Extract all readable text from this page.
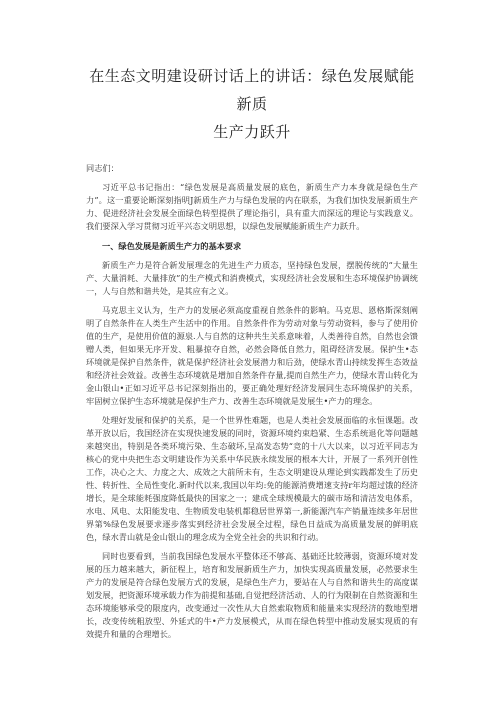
在生态文明建设研讨话上的讲话：绿色发展赋能新质
生产力跃升

同志们：

习近平总书记指出：“绿色发展是高质量发展的底色，新质生产力本身就是绿色生产力”。这一重要论断深刻指明J新质生产力与绿色发展的内在联系，为我们加快发展新质生产力、促进经济社会发展全面绿色转型提供了理论指引，具有重大而深远的理论与实践意义。我们要深入学习贯彻习近平兴态文明思想，以绿色发展赋能新质生产力跃升。

一、绿色发展是新质生产力的基本要求

新质生产力是符合新发展理念的先进生产力质态，坚持绿色发展，摆脱传统的“大量生产、大量消耗、大量排放”的生产模式和消费模式，实现经济社会发展和生态环境保护协调统一，人与自然和谐共处，是其应有之义。

马克思主义认为，生产力的发展必须高度重视自然条件的影响。马克思、恩格斯深刻阐明了自然条件在人类生产生活中的作用。自然条件作为劳动对象与劳动资料，参与了使用价值的生产，是使用价值的源泉.人与自然的这种共生关系意味着，人类善待自然，自然也会馈赠人类，但如果无序开发、粗暴掠夺自然，必然会降低自然力，阻碍经济发展。保护生•态环境就是保护自然条件，就是保护经济社会发展潜力和后劲，使绿水青山持续发挥生态效益和经济社会效益。改善生态环境就是增加自然条件存量,提而自然生产力，使绿水青山转化为金山银山•正如习近平总书记深刻指出的，要正确处理好经济发展同生态环境保护的关系，牢固树立保护生态环境就是保护生产力、改善生态环境就是发展生•产力的理念。

处理好发展和保护的关系，是一个世界性难题，也是人类社会发展面临的永恒课题。改革开放以后，我国经济在实现快速发展的同时，资源环境约束趋紧、生态系统退化等问题越来越突出，特别是各类环境污染、生态破坏,呈高发态势“竞的十八大以来，以习近平同志为核心的党中央把生态文明建设作为关系中华民族永续发展的根本大计，开展了一系列开创性工作，决心之大、力度之大、成效之大前所未有，生态文明建设从理论到实践都发生了历史性、转折性、全局性变化.新时代以来,我国以年均:免的能源消费增速支持r年均超过饿的经济增长，是全球能耗强度降低最快的国家之一；建成全球规模最大的碳市场和清洁发电体系，水电、风电、太阳能发电、生物质发电装机都稳居世界第一,新能源汽车产销量连续多年居世界第%绿色发展要求逐步落实到经济社会发展全过程，绿色日益成为高质量发展的鲜明底色，绿水青山就是金山银山的理念成为全党全社会的共识和行动。

同时也要看到，当前我国绿色发展水平整体还不够高、基础还比较薄弱，资源环境对发展的压力越来越大，新征程上，培育和发展新质生产力，加快实现高质量发展，必然要求生产力的发展是符合绿色发展方式的发展，是绿色生产力，要站在人与自然和谐共生的高度谋划发展，把资源环境承载力作为前提和基础,自觉把经济活动、人的行为限制在自然资源和生态环境能够承受的限度内，改变通过一次性从大自然索取物质和能量来实现经济的数地型增长，改变传统粗放型、外延式的牛•产力发展模式，从而在绿色转型中推动发展实现质的有效提升和量的合理增长。
